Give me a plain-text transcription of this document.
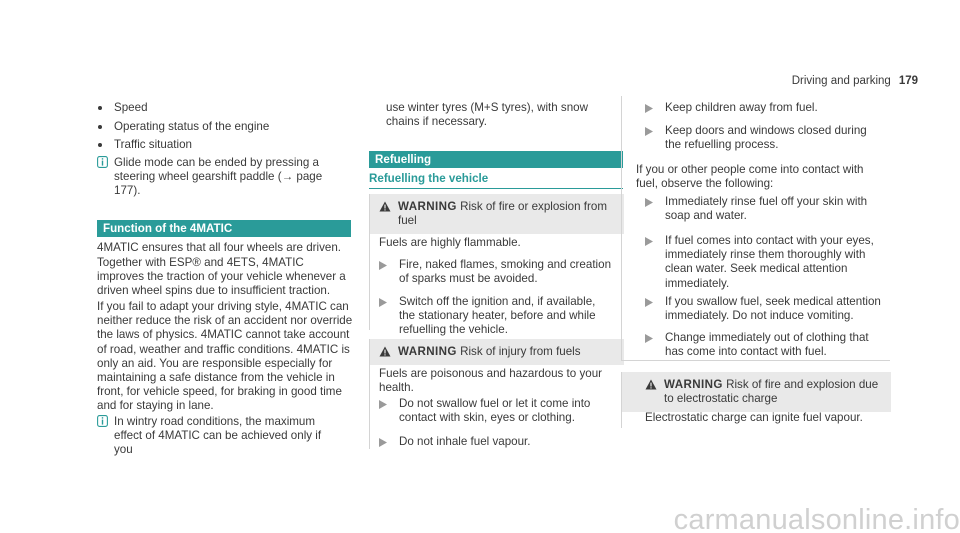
Driving and parking 179
Speed
Operating status of the engine
Traffic situation
Glide mode can be ended by pressing a steering wheel gearshift paddle (→ page 177).
Function of the 4MATIC
4MATIC ensures that all four wheels are driven.
Together with ESP® and 4ETS, 4MATIC improves the traction of your vehicle whenever a driven wheel spins due to insufficient traction.
If you fail to adapt your driving style, 4MATIC can neither reduce the risk of an accident nor override the laws of physics. 4MATIC cannot take account of road, weather and traffic conditions. 4MATIC is only an aid. You are responsible especially for maintaining a safe distance from the vehicle in front, for vehicle speed, for braking in good time and for staying in lane.
In wintry road conditions, the maximum effect of 4MATIC can be achieved only if you
use winter tyres (M+S tyres), with snow chains if necessary.
Refuelling
Refuelling the vehicle
WARNING Risk of fire or explosion from fuel
Fuels are highly flammable.
Fire, naked flames, smoking and creation of sparks must be avoided.
Switch off the ignition and, if available, the stationary heater, before and while refuelling the vehicle.
WARNING Risk of injury from fuels
Fuels are poisonous and hazardous to your health.
Do not swallow fuel or let it come into contact with skin, eyes or clothing.
Do not inhale fuel vapour.
Keep children away from fuel.
Keep doors and windows closed during the refuelling process.
If you or other people come into contact with fuel, observe the following:
Immediately rinse fuel off your skin with soap and water.
If fuel comes into contact with your eyes, immediately rinse them thoroughly with clean water. Seek medical attention immediately.
If you swallow fuel, seek medical attention immediately. Do not induce vomiting.
Change immediately out of clothing that has come into contact with fuel.
WARNING Risk of fire and explosion due to electrostatic charge
Electrostatic charge can ignite fuel vapour.
carmanualsonline.info
